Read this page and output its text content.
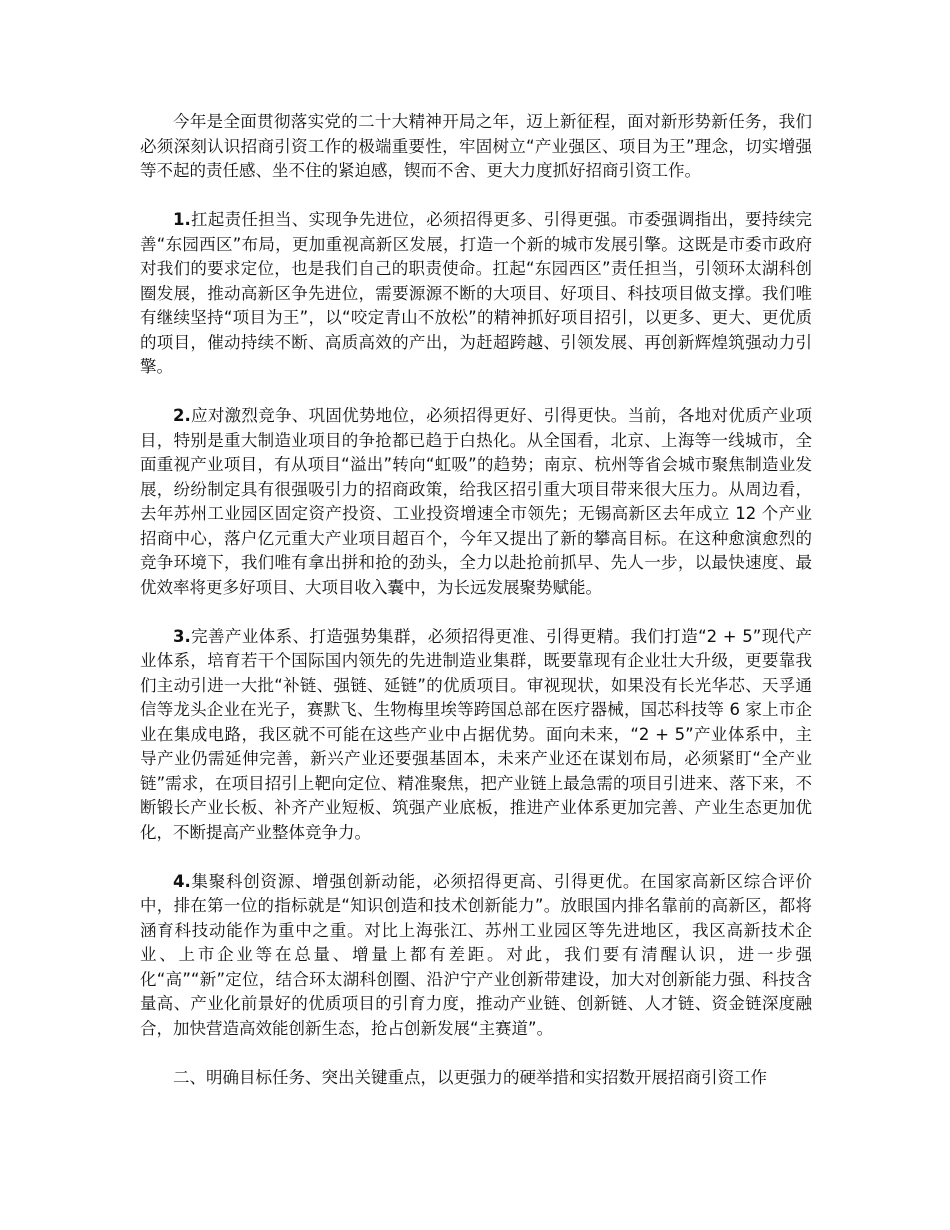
今年是全面贯彻落实党的二十大精神开局之年，迈上新征程，面对新形势新任务，我们必须深刻认识招商引资工作的极端重要性，牢固树立“产业强区、项目为王”理念，切实增强等不起的责任感、坐不住的紧迫感，锲而不舍、更大力度抓好招商引资工作。

1.扛起责任担当、实现争先进位，必须招得更多、引得更强。市委强调指出，要持续完善“东园西区”布局，更加重视高新区发展，打造一个新的城市发展引擎。这既是市委市政府对我们的要求定位，也是我们自己的职责使命。扛起“东园西区”责任担当，引领环太湖科创圈发展，推动高新区争先进位，需要源源不断的大项目、好项目、科技项目做支撑。我们唯有继续坚持“项目为王”，以“咬定青山不放松”的精神抓好项目招引，以更多、更大、更优质的项目，催动持续不断、高质高效的产出，为赶超跨越、引领发展、再创新辉煌筑强动力引擎。

2.应对激烈竞争、巩固优势地位，必须招得更好、引得更快。当前，各地对优质产业项目，特别是重大制造业项目的争抢都已趋于白热化。从全国看，北京、上海等一线城市，全面重视产业项目，有从项目“溢出”转向“虹吸”的趋势；南京、杭州等省会城市聚焦制造业发展，纷纷制定具有很强吸引力的招商政策，给我区招引重大项目带来很大压力。从周边看，去年苏州工业园区固定资产投资、工业投资增速全市领先；无锡高新区去年成立 12 个产业招商中心，落户亿元重大产业项目超百个，今年又提出了新的攀高目标。在这种愈演愈烈的竞争环境下，我们唯有拿出拼和抢的劲头，全力以赴抢前抓早、先人一步，以最快速度、最优效率将更多好项目、大项目收入囊中，为长远发展聚势赋能。

3.完善产业体系、打造强势集群，必须招得更准、引得更精。我们打造“2 + 5”现代产业体系，培育若干个国际国内领先的先进制造业集群，既要靠现有企业壮大升级，更要靠我们主动引进一大批“补链、强链、延链”的优质项目。审视现状，如果没有长光华芯、天孚通信等龙头企业在光子，赛默飞、生物梅里埃等跨国总部在医疗器械，国芯科技等 6 家上市企业在集成电路，我区就不可能在这些产业中占据优势。面向未来，“2 + 5”产业体系中，主导产业仍需延伸完善，新兴产业还要强基固本，未来产业还在谋划布局，必须紧盯“全产业链”需求，在项目招引上靶向定位、精准聚焦，把产业链上最急需的项目引进来、落下来，不断锻长产业长板、补齐产业短板、筑强产业底板，推进产业体系更加完善、产业生态更加优化，不断提高产业整体竞争力。

4.集聚科创资源、增强创新动能，必须招得更高、引得更优。在国家高新区综合评价中，排在第一位的指标就是“知识创造和技术创新能力”。放眼国内排名靠前的高新区，都将涵育科技动能作为重中之重。对比上海张江、苏州工业园区等先进地区，我区高新技术企业、上市企业等在总量、增量上都有差距。对此，我们要有清醒认识，进一步强化“高”“新”定位，结合环太湖科创圈、沿沪宁产业创新带建设，加大对创新能力强、科技含量高、产业化前景好的优质项目的引育力度，推动产业链、创新链、人才链、资金链深度融合，加快营造高效能创新生态，抢占创新发展“主赛道”。

二、明确目标任务、突出关键重点，以更强力的硬举措和实招数开展招商引资工作
